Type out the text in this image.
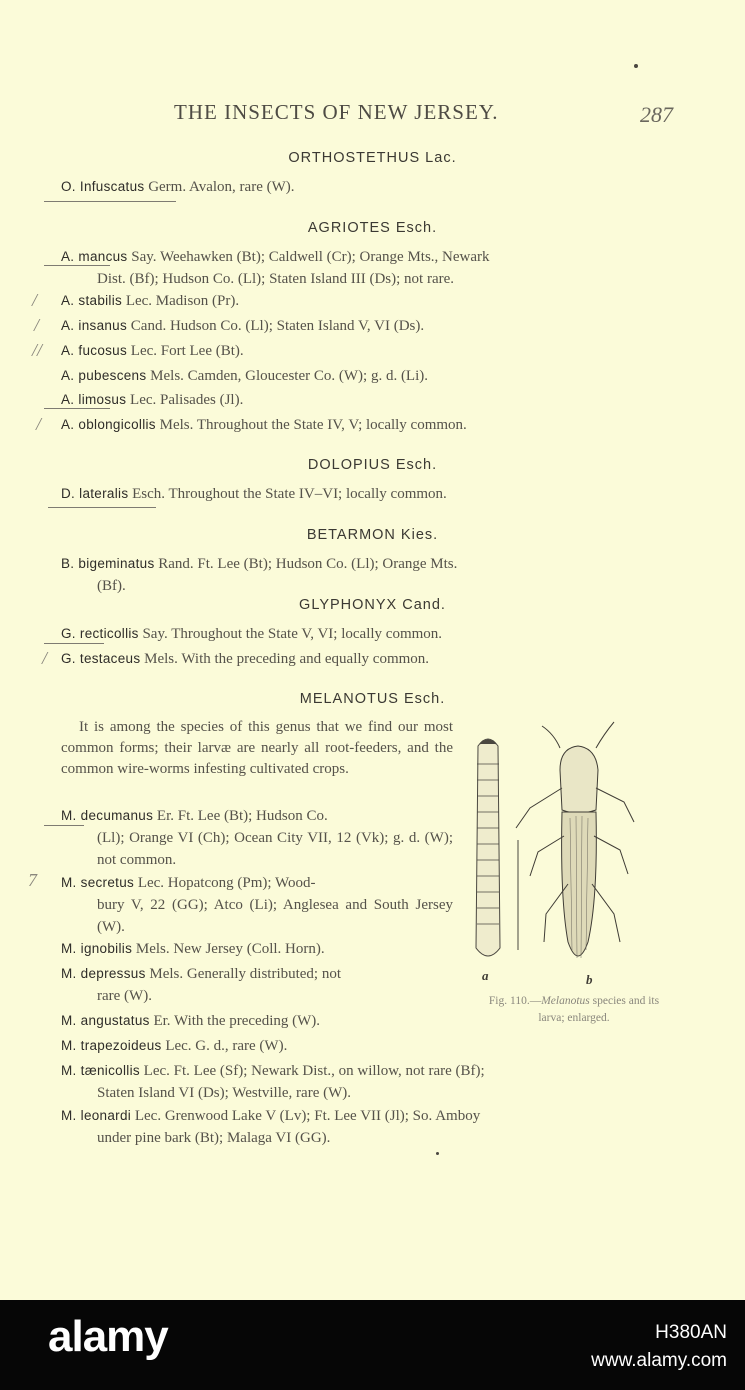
THE INSECTS OF NEW JERSEY.	287
ORTHOSTETHUS Lac.
O. Infuscatus Germ. Avalon, rare (W).
AGRIOTES Esch.
A. mancus Say. Weehawken (Bt); Caldwell (Cr); Orange Mts., Newark
Dist. (Bf); Hudson Co. (Ll); Staten Island III (Ds); not rare.
/ A. stabilis Lec. Madison (Pr).
/ A. insanus Cand. Hudson Co. (Ll); Staten Island V, VI (Ds).
// A. fucosus Lec. Fort Lee (Bt).
A. pubescens Mels. Camden, Gloucester Co. (W); g. d. (Li).
A. limosus Lec. Palisades (Jl).
/ A. oblongicollis Mels. Throughout the State IV, V; locally common.
DOLOPIUS Esch.
D. lateralis Esch. Throughout the State IV–VI; locally common.
BETARMON Kies.
B. bigeminatus Rand. Ft. Lee (Bt); Hudson Co. (Ll); Orange Mts.
(Bf).
GLYPHONYX Cand.
G. recticollis Say. Throughout the State V, VI; locally common.
/ G. testaceus Mels. With the preceding and equally common.
MELANOTUS Esch.
It is among the species of this genus that we find our most common forms; their larvæ are nearly all root-feeders, and the common wire-worms infesting cultivated crops.
M. decumanus Er. Ft. Lee (Bt); Hudson Co.
(Ll); Orange VI (Ch); Ocean City VII, 12 (Vk); g. d. (W); not common.
7 M. secretus Lec. Hopatcong (Pm); Wood-
bury V, 22 (GG); Atco (Li); Anglesea and South Jersey (W).
M. ignobilis Mels. New Jersey (Coll. Horn).
M. depressus Mels. Generally distributed; not
rare (W).
M. angustatus Er. With the preceding (W).
M. trapezoideus Lec. G. d., rare (W).
M. tænicollis Lec. Ft. Lee (Sf); Newark Dist., on willow, not rare (Bf);
Staten Island VI (Ds); Westville, rare (W).
M. leonardi Lec. Grenwood Lake V (Lv); Ft. Lee VII (Jl); So. Amboy
under pine bark (Bt); Malaga VI (GG).
a	b
Fig. 110.—Melanotus species and its larva; enlarged.
alamy	H380AN
www.alamy.com
